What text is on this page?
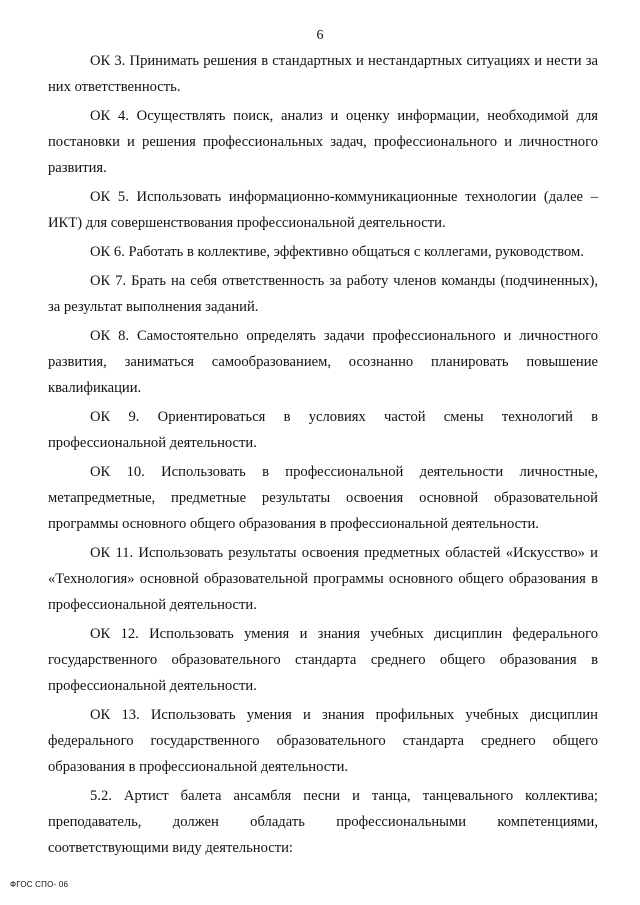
6

ОК 3. Принимать решения в стандартных и нестандартных ситуациях и нести за них ответственность.

ОК 4. Осуществлять поиск, анализ и оценку информации, необходимой для постановки и решения профессиональных задач, профессионального и личностного развития.

ОК 5. Использовать информационно-коммуникационные технологии (далее – ИКТ) для совершенствования профессиональной деятельности.

ОК 6. Работать в коллективе, эффективно общаться с коллегами, руководством.

ОК 7. Брать на себя ответственность за работу членов команды (подчиненных), за результат выполнения заданий.

ОК 8. Самостоятельно определять задачи профессионального и личностного развития, заниматься самообразованием, осознанно планировать повышение квалификации.

ОК 9. Ориентироваться в условиях частой смены технологий в профессиональной деятельности.

ОК 10. Использовать в профессиональной деятельности личностные, метапредметные, предметные результаты освоения основной образовательной программы основного общего образования в профессиональной деятельности.

ОК 11. Использовать результаты освоения предметных областей «Искусство» и «Технология» основной образовательной программы основного общего образования в профессиональной деятельности.

ОК 12. Использовать умения и знания учебных дисциплин федерального государственного образовательного стандарта среднего общего образования в профессиональной деятельности.

ОК 13. Использовать умения и знания профильных учебных дисциплин федерального государственного образовательного стандарта среднего общего образования в профессиональной деятельности.

5.2. Артист балета ансамбля песни и танца, танцевального коллектива; преподаватель, должен обладать профессиональными компетенциями, соответствующими виду деятельности:

ФГОС СПО- 06
